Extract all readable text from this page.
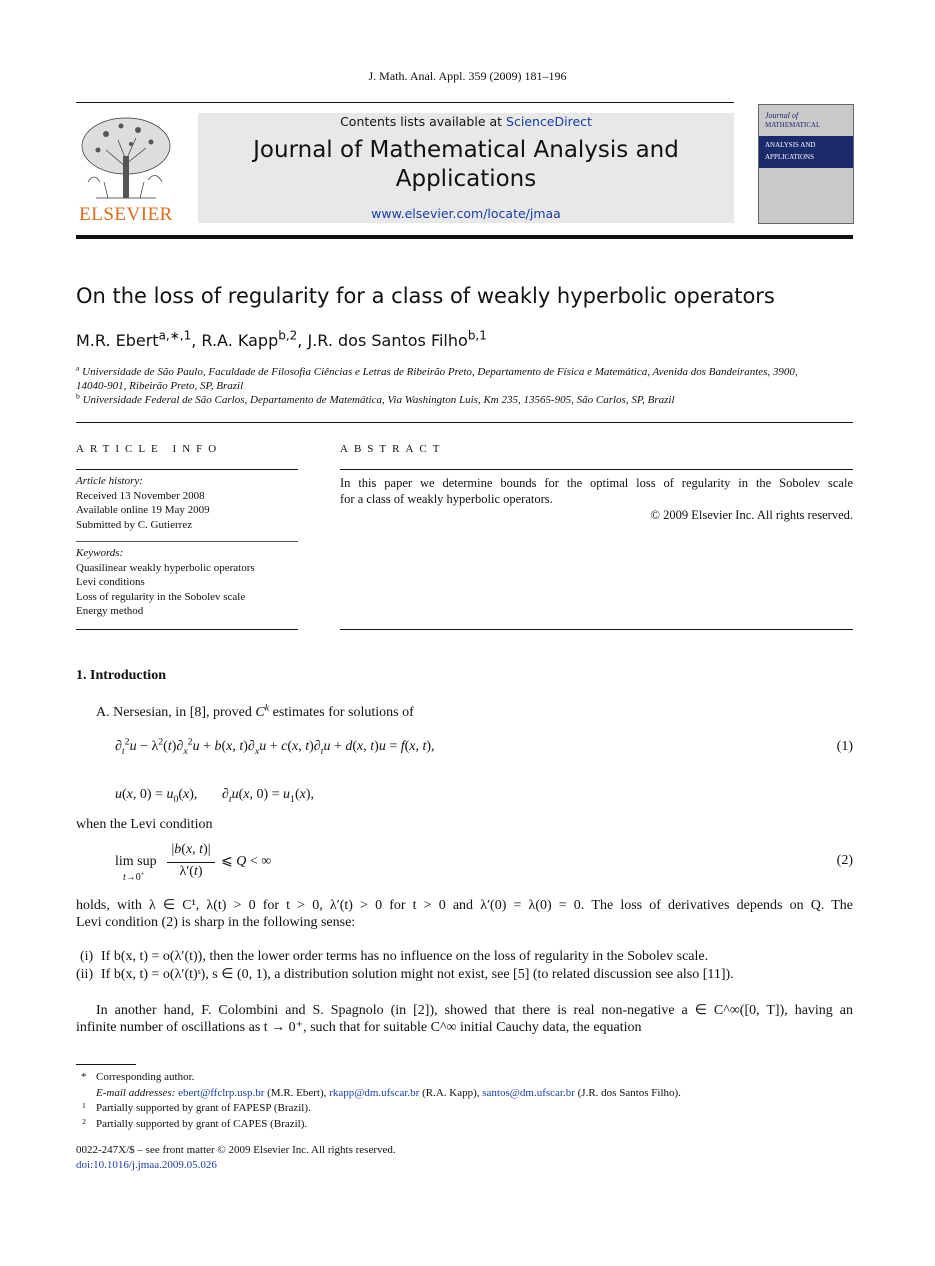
J. Math. Anal. Appl. 359 (2009) 181–196
ELSEVIER
Contents lists available at ScienceDirect
Journal of Mathematical Analysis and
Applications
www.elsevier.com/locate/jmaa
Journal of
MATHEMATICAL
ANALYSIS AND
APPLICATIONS
On the loss of regularity for a class of weakly hyperbolic operators
M.R. Ebert$^{a,∗,1}$, R.A. Kapp$^{b,2}$, J.R. dos Santos Filho$^{b,1}$
$^a$ Universidade de São Paulo, Faculdade de Filosofia Ciências e Letras de Ribeirão Preto, Departamento de Física e Matemática, Avenida dos Bandeirantes, 3900,
14040-901, Ribeirão Preto, SP, Brazil
$^b$ Universidade Federal de São Carlos, Departamento de Matemática, Via Washington Luis, Km 235, 13565-905, São Carlos, SP, Brazil
ARTICLE INFO
Article history:
Received 13 November 2008
Available online 19 May 2009
Submitted by C. Gutierrez
Keywords:
Quasilinear weakly hyperbolic operators
Levi conditions
Loss of regularity in the Sobolev scale
Energy method
ABSTRACT
In this paper we determine bounds for the optimal loss of regularity in the Sobolev scale
for a class of weakly hyperbolic operators.
© 2009 Elsevier Inc. All rights reserved.
1. Introduction
A. Nersesian, in [8], proved $C^k$ estimates for solutions of
$\partial_t^2u - \lambda^2(t)\partial_x^2u + b(x$, $t)\partial_xu + c(x$, $t)\partial_tu + d(x$, t)u = f(x, t),	(1)
u(x, $0) = u_0(x)$,       $\partial_tu(x$, $0) = u_1(x)$,
when the Levi condition
lim sup
t→0+
|b(x, t)|
λ′(t)
⩽ Q < ∞	(2)
holds, with λ ∈ C¹, λ(t) > 0 for t > 0, λ′(t) > 0 for t > 0 and λ′(0) = λ(0) = 0. The loss of derivatives depends on Q. The
Levi condition (2) is sharp in the following sense:
(i) If b(x, t) = o(λ′(t)), then the lower order terms has no influence on the loss of regularity in the Sobolev scale.
(ii) If b(x, t) = o(λ′(t)ˢ), s ∈ (0, 1), a distribution solution might not exist, see [5] (to related discussion see also [11]).
In another hand, F. Colombini and S. Spagnolo (in [2]), showed that there is real non-negative a ∈ C^∞([0, T]), having an
infinite number of oscillations as t → 0⁺, such that for suitable C^∞ initial Cauchy data, the equation
* Corresponding author.
E-mail addresses: ebert@ffclrp.usp.br (M.R. Ebert), rkapp@dm.ufscar.br (R.A. Kapp), santos@dm.ufscar.br (J.R. dos Santos Filho).
1 Partially supported by grant of FAPESP (Brazil).
2 Partially supported by grant of CAPES (Brazil).
0022-247X/$ – see front matter © 2009 Elsevier Inc. All rights reserved.
doi:10.1016/j.jmaa.2009.05.026
